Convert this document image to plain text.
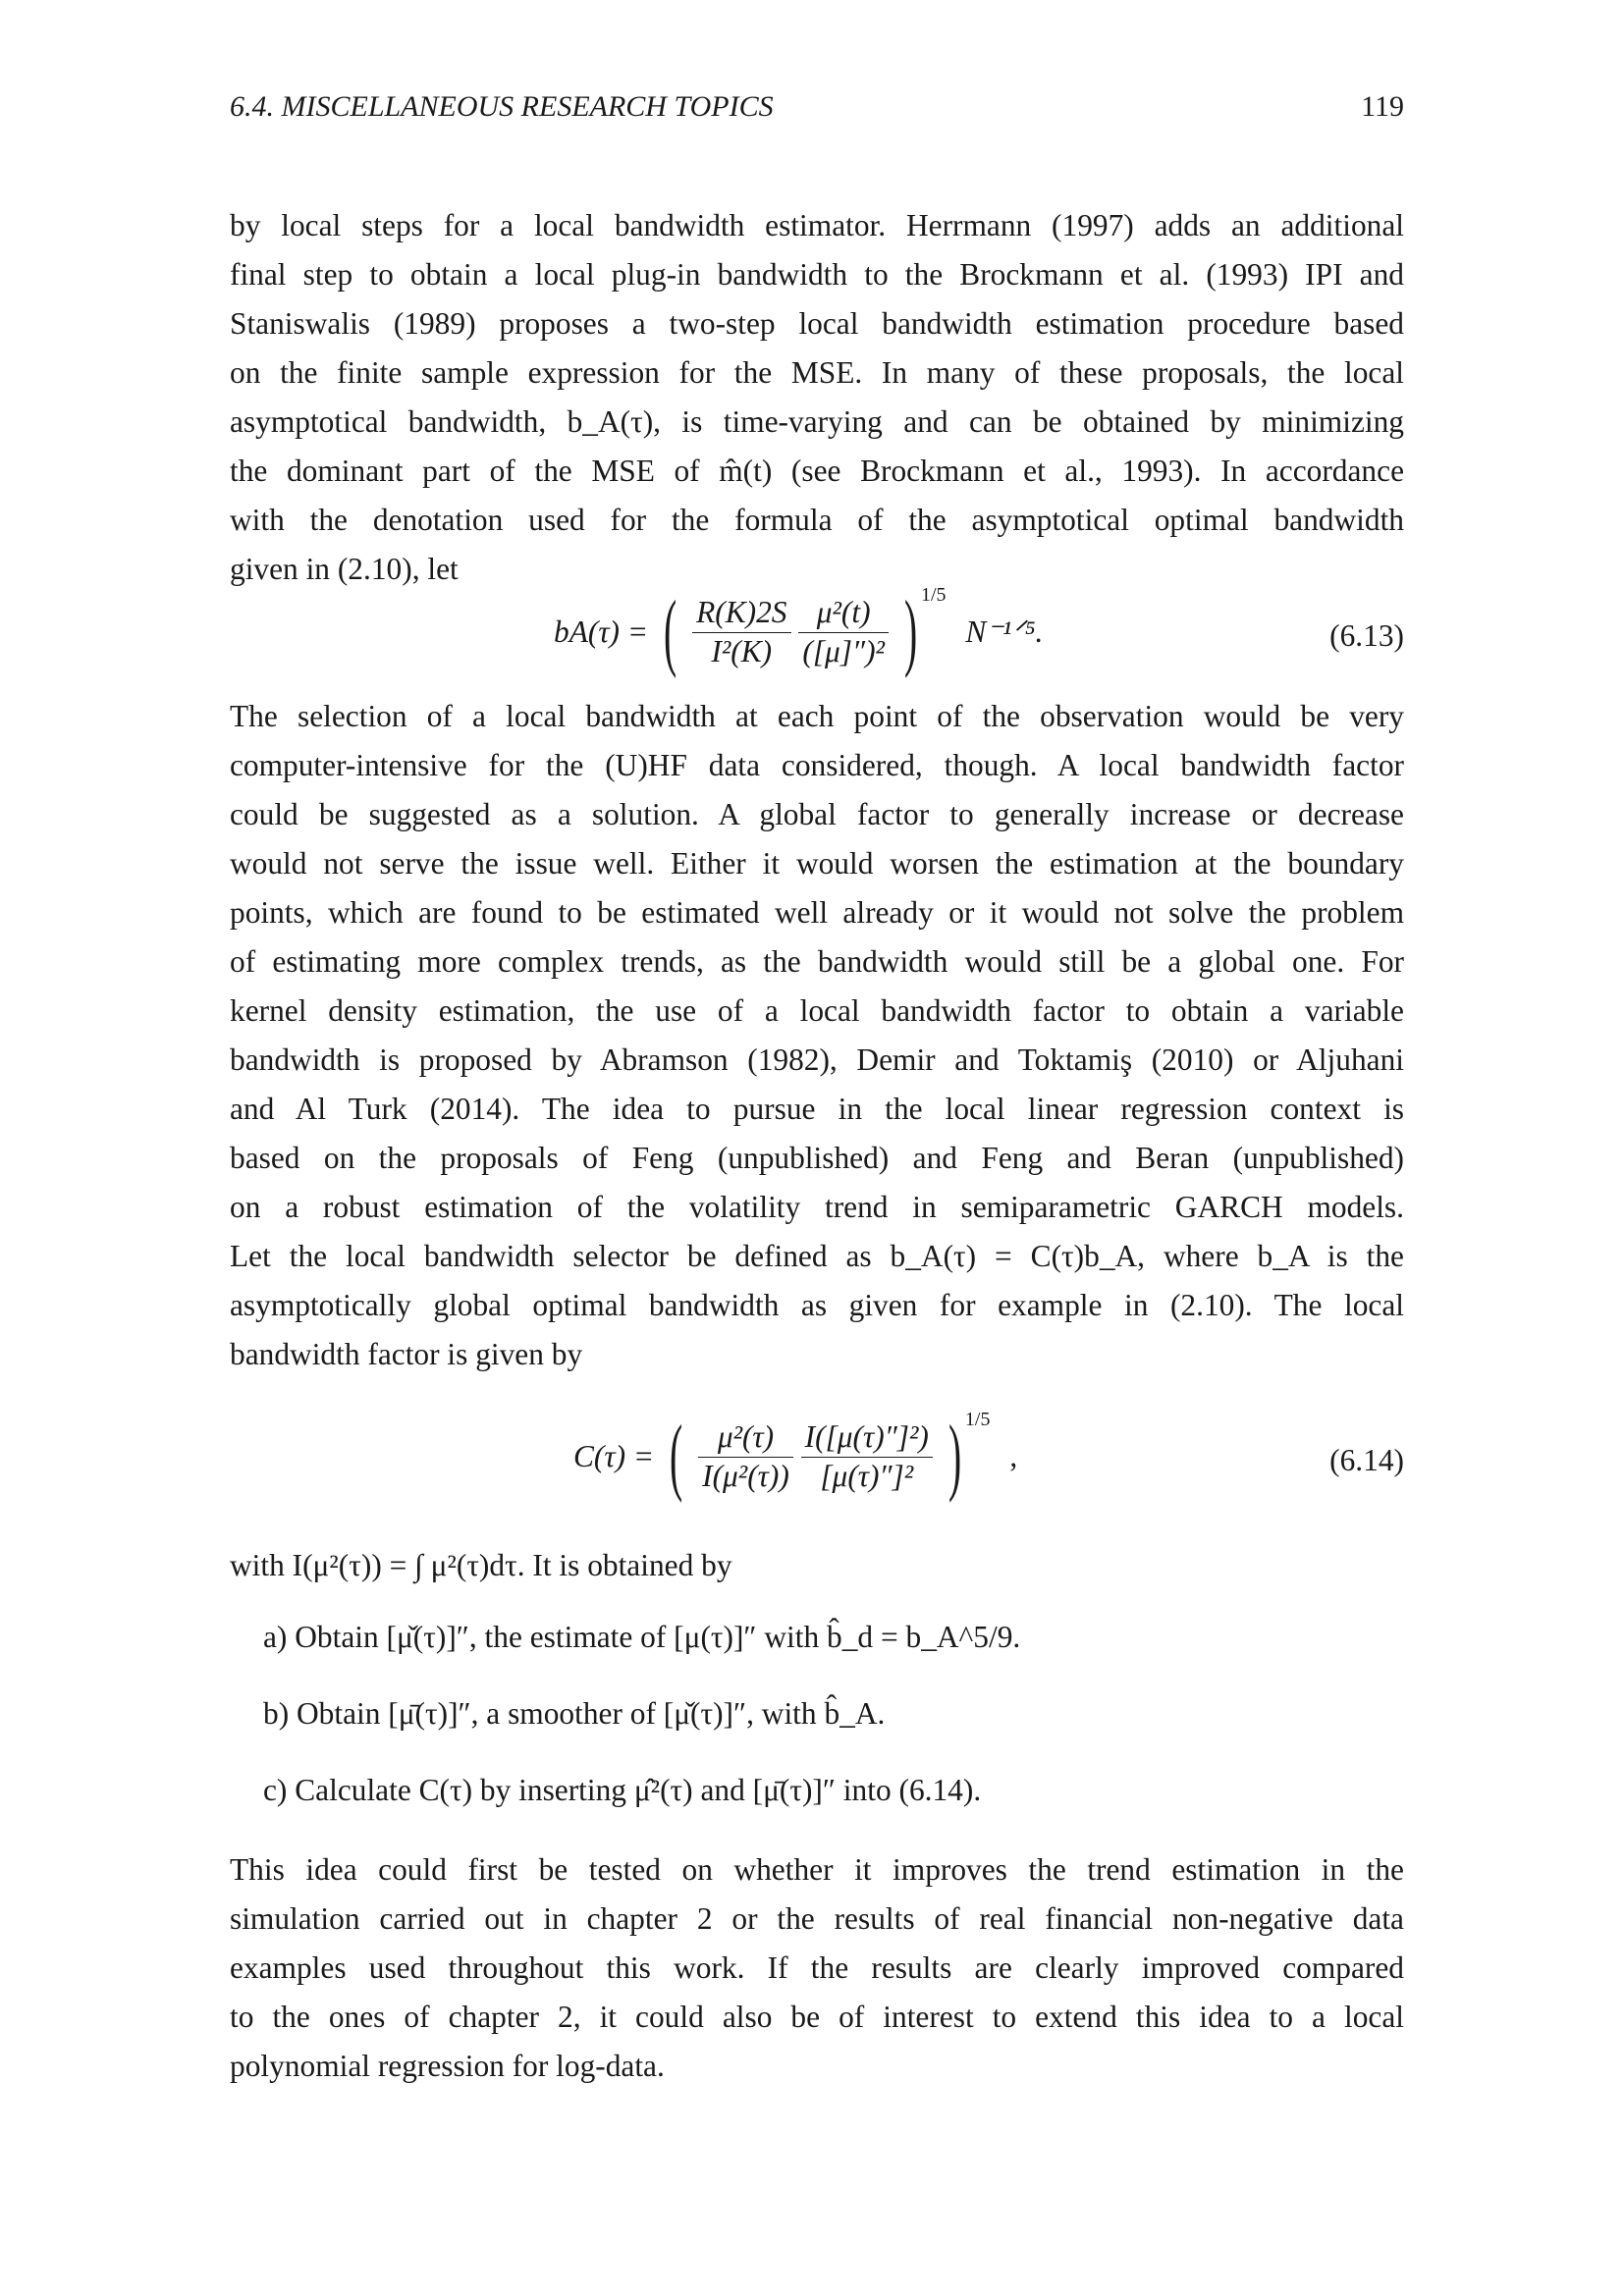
6.4. MISCELLANEOUS RESEARCH TOPICS	119
by local steps for a local bandwidth estimator. Herrmann (1997) adds an additional
final step to obtain a local plug-in bandwidth to the Brockmann et al. (1993) IPI and
Staniswalis (1989) proposes a two-step local bandwidth estimation procedure based
on the finite sample expression for the MSE. In many of these proposals, the local
asymptotical bandwidth, b_A(τ), is time-varying and can be obtained by minimizing
the dominant part of the MSE of m̂(t) (see Brockmann et al., 1993). In accordance
with the denotation used for the formula of the asymptotical optimal bandwidth
given in (2.10), let
bA(τ) = ( $\frac{R(K)2S}{\text{I²(K)}}$
$\frac{\text{μ²(t)}}{\text{([μ]″)²}}$ ) $^{1/5}$ N⁻¹ᐟ⁵.	(6.13)
The selection of a local bandwidth at each point of the observation would be very
computer-intensive for the (U)HF data considered, though. A local bandwidth factor
could be suggested as a solution. A global factor to generally increase or decrease
would not serve the issue well. Either it would worsen the estimation at the boundary
points, which are found to be estimated well already or it would not solve the problem
of estimating more complex trends, as the bandwidth would still be a global one. For
kernel density estimation, the use of a local bandwidth factor to obtain a variable
bandwidth is proposed by Abramson (1982), Demir and Toktamiş (2010) or Aljuhani
and Al Turk (2014). The idea to pursue in the local linear regression context is
based on the proposals of Feng (unpublished) and Feng and Beran (unpublished)
on a robust estimation of the volatility trend in semiparametric GARCH models.
Let the local bandwidth selector be defined as b_A(τ) = C(τ)b_A, where b_A is the
asymptotically global optimal bandwidth as given for example in (2.10). The local
bandwidth factor is given by
C(τ) = ( $\frac{\text{μ²(τ)}}{\text{I(μ²(τ))}}$
$\frac{\text{I([μ(τ)″]²)}}{\text{[μ(τ)″]²}}$ ) $^{1/5}$ ,	(6.14)
with I(μ²(τ)) = ∫ μ²(τ)dτ. It is obtained by
a) Obtain [μ̌(τ)]″, the estimate of [μ(τ)]″ with b̂_d = b_A^5/9.
b) Obtain [μ̄(τ)]″, a smoother of [μ̌(τ)]″, with b̂_A.
c) Calculate C(τ) by inserting μ̂²(τ) and [μ̄(τ)]″ into (6.14).
This idea could first be tested on whether it improves the trend estimation in the
simulation carried out in chapter 2 or the results of real financial non-negative data
examples used throughout this work. If the results are clearly improved compared
to the ones of chapter 2, it could also be of interest to extend this idea to a local
polynomial regression for log-data.
